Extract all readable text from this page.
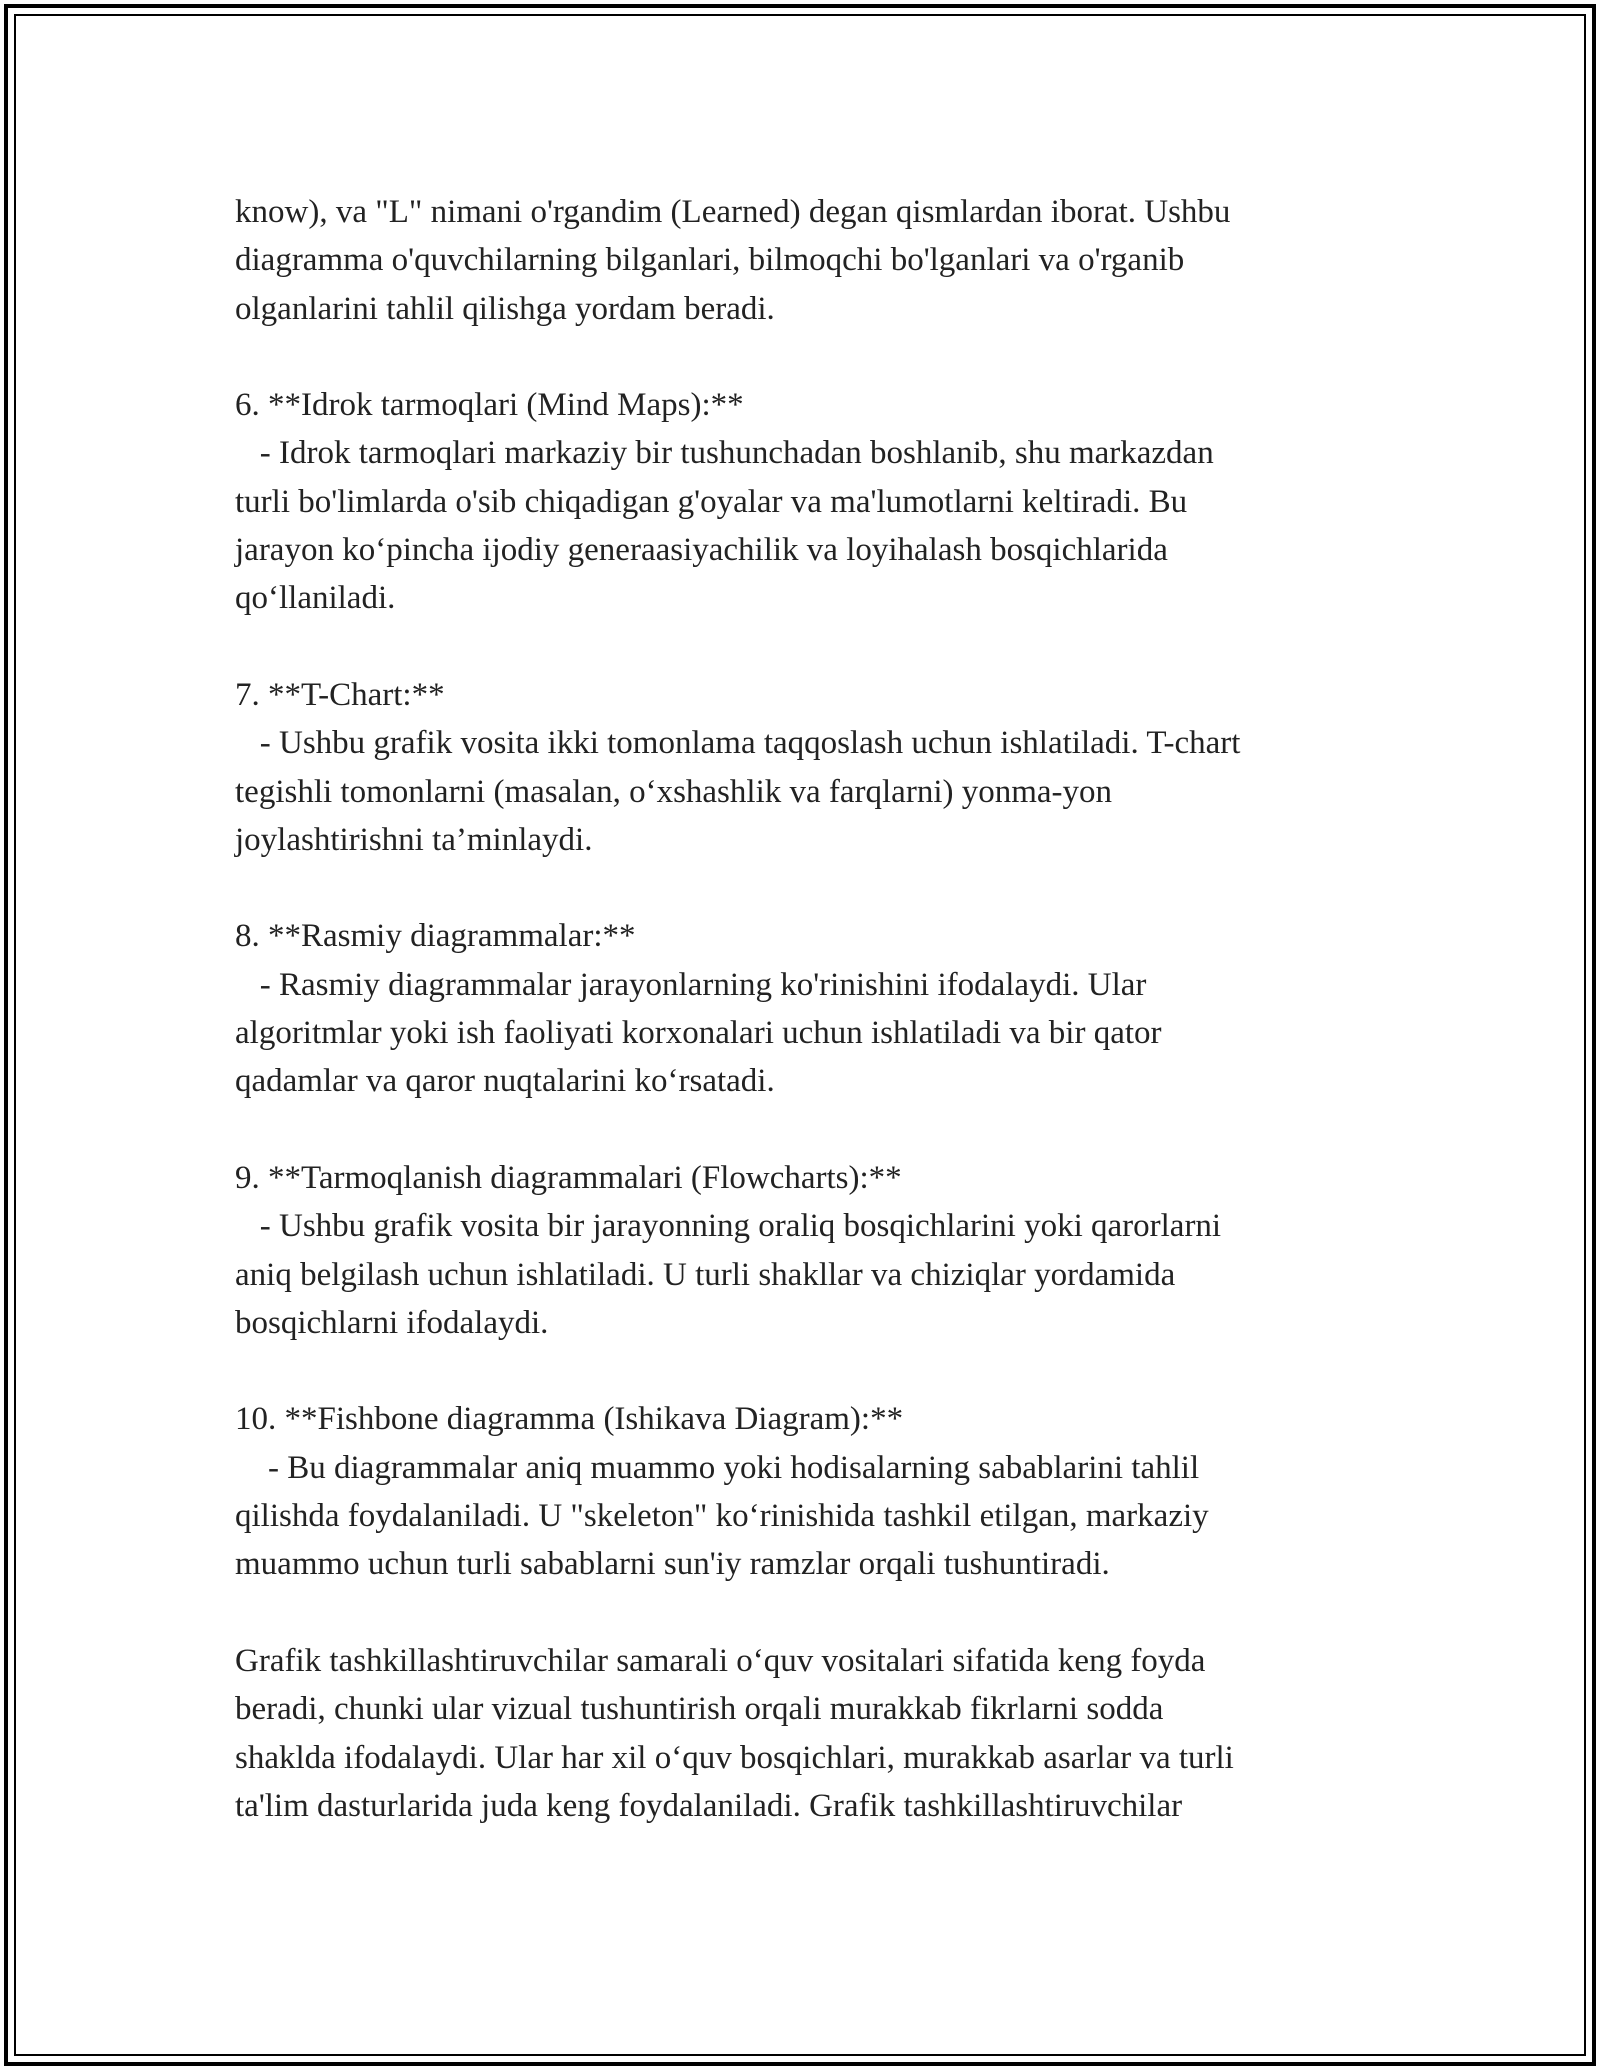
know), va "L" nimani o'rgandim (Learned) degan qismlardan iborat. Ushbu
diagramma o'quvchilarning bilganlari, bilmoqchi bo'lganlari va o'rganib
olganlarini tahlil qilishga yordam beradi.
6. **Idrok tarmoqlari (Mind Maps):**
- Idrok tarmoqlari markaziy bir tushunchadan boshlanib, shu markazdan
turli bo'limlarda o'sib chiqadigan g'oyalar va ma'lumotlarni keltiradi. Bu
jarayon ko‘pincha ijodiy generaasiyachilik va loyihalash bosqichlarida
qo‘llaniladi.
7. **T-Chart:**
- Ushbu grafik vosita ikki tomonlama taqqoslash uchun ishlatiladi. T-chart
tegishli tomonlarni (masalan, o‘xshashlik va farqlarni) yonma-yon
joylashtirishni ta’minlaydi.
8. **Rasmiy diagrammalar:**
- Rasmiy diagrammalar jarayonlarning ko'rinishini ifodalaydi. Ular
algoritmlar yoki ish faoliyati korxonalari uchun ishlatiladi va bir qator
qadamlar va qaror nuqtalarini ko‘rsatadi.
9. **Tarmoqlanish diagrammalari (Flowcharts):**
- Ushbu grafik vosita bir jarayonning oraliq bosqichlarini yoki qarorlarni
aniq belgilash uchun ishlatiladi. U turli shakllar va chiziqlar yordamida
bosqichlarni ifodalaydi.
10. **Fishbone diagramma (Ishikava Diagram):**
- Bu diagrammalar aniq muammo yoki hodisalarning sabablarini tahlil
qilishda foydalaniladi. U "skeleton" ko‘rinishida tashkil etilgan, markaziy
muammo uchun turli sabablarni sun'iy ramzlar orqali tushuntiradi.
Grafik tashkillashtiruvchilar samarali o‘quv vositalari sifatida keng foyda
beradi, chunki ular vizual tushuntirish orqali murakkab fikrlarni sodda
shaklda ifodalaydi. Ular har xil o‘quv bosqichlari, murakkab asarlar va turli
ta'lim dasturlarida juda keng foydalaniladi. Grafik tashkillashtiruvchilar
